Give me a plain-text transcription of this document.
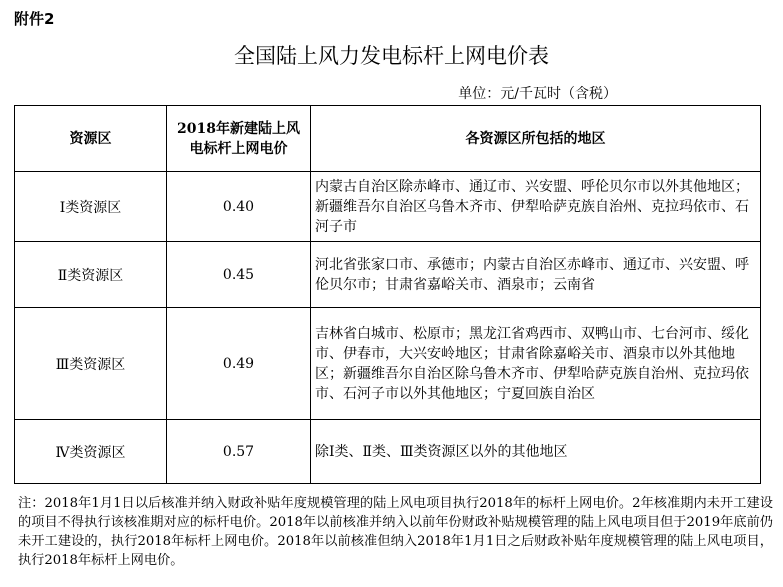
附件2
全国陆上风力发电标杆上网电价表
单位：元/千瓦时（含税）
资源区	2018年新建陆上风电标杆上网电价	各资源区所包括的地区
Ⅰ类资源区	0.40	内蒙古自治区除赤峰市、通辽市、兴安盟、呼伦贝尔市以外其他地区；新疆维吾尔自治区乌鲁木齐市、伊犁哈萨克族自治州、克拉玛依市、石河子市
Ⅱ类资源区	0.45	河北省张家口市、承德市；内蒙古自治区赤峰市、通辽市、兴安盟、呼伦贝尔市；甘肃省嘉峪关市、酒泉市；云南省
Ⅲ类资源区	0.49	吉林省白城市、松原市；黑龙江省鸡西市、双鸭山市、七台河市、绥化市、伊春市，大兴安岭地区；甘肃省除嘉峪关市、酒泉市以外其他地区；新疆维吾尔自治区除乌鲁木齐市、伊犁哈萨克族自治州、克拉玛依市、石河子市以外其他地区；宁夏回族自治区
Ⅳ类资源区	0.57	除Ⅰ类、Ⅱ类、Ⅲ类资源区以外的其他地区
注：2018年1月1日以后核准并纳入财政补贴年度规模管理的陆上风电项目执行2018年的标杆上网电价。2年核准期内未开工建设的项目不得执行该核准期对应的标杆电价。2018年以前核准并纳入以前年份财政补贴规模管理的陆上风电项目但于2019年底前仍未开工建设的，执行2018年标杆上网电价。2018年以前核准但纳入2018年1月1日之后财政补贴年度规模管理的陆上风电项目，执行2018年标杆上网电价。
